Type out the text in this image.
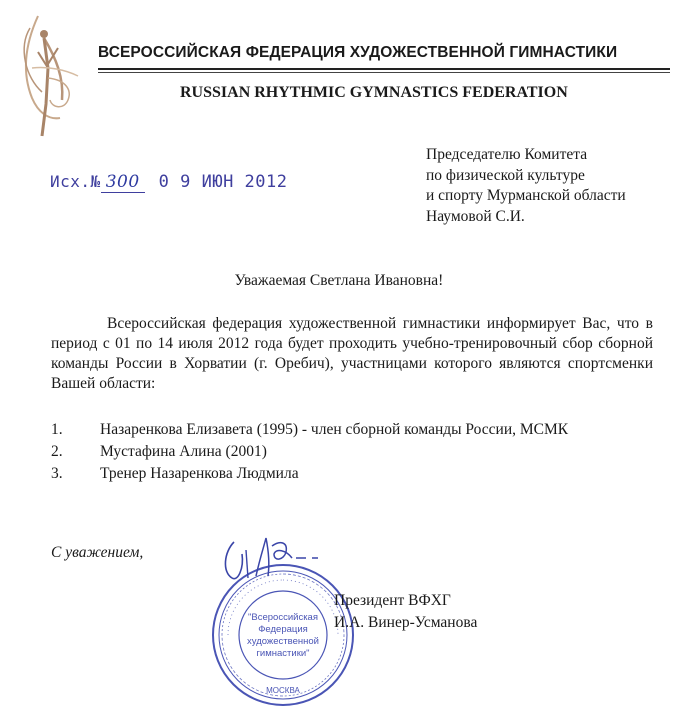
ВСЕРОССИЙСКАЯ ФЕДЕРАЦИЯ ХУДОЖЕСТВЕННОЙ ГИМНАСТИКИ
RUSSIAN RHYTHMIC GYMNASTICS FEDERATION
Исх.№ 300 0 9 ИЮН 2012
Председателю Комитета
по физической культуре
и спорту Мурманской области
Наумовой С.И.
Уважаемая Светлана Ивановна!
Всероссийская федерация художественной гимнастики информирует Вас, что в период с 01 по 14 июля 2012 года будет проходить учебно-тренировочный сбор сборной команды России в Хорватии (г. Оребич), участницами которого являются спортсменки Вашей области:
1. Назаренкова Елизавета (1995) - член сборной команды России, МСМК
2. Мустафина Алина (2001)
3. Тренер Назаренкова Людмила
С уважением,
"Всероссийская
Федерация
художественной
гимнастики"
МОСКВА
Президент ВФХГ
И.А. Винер-Усманова
